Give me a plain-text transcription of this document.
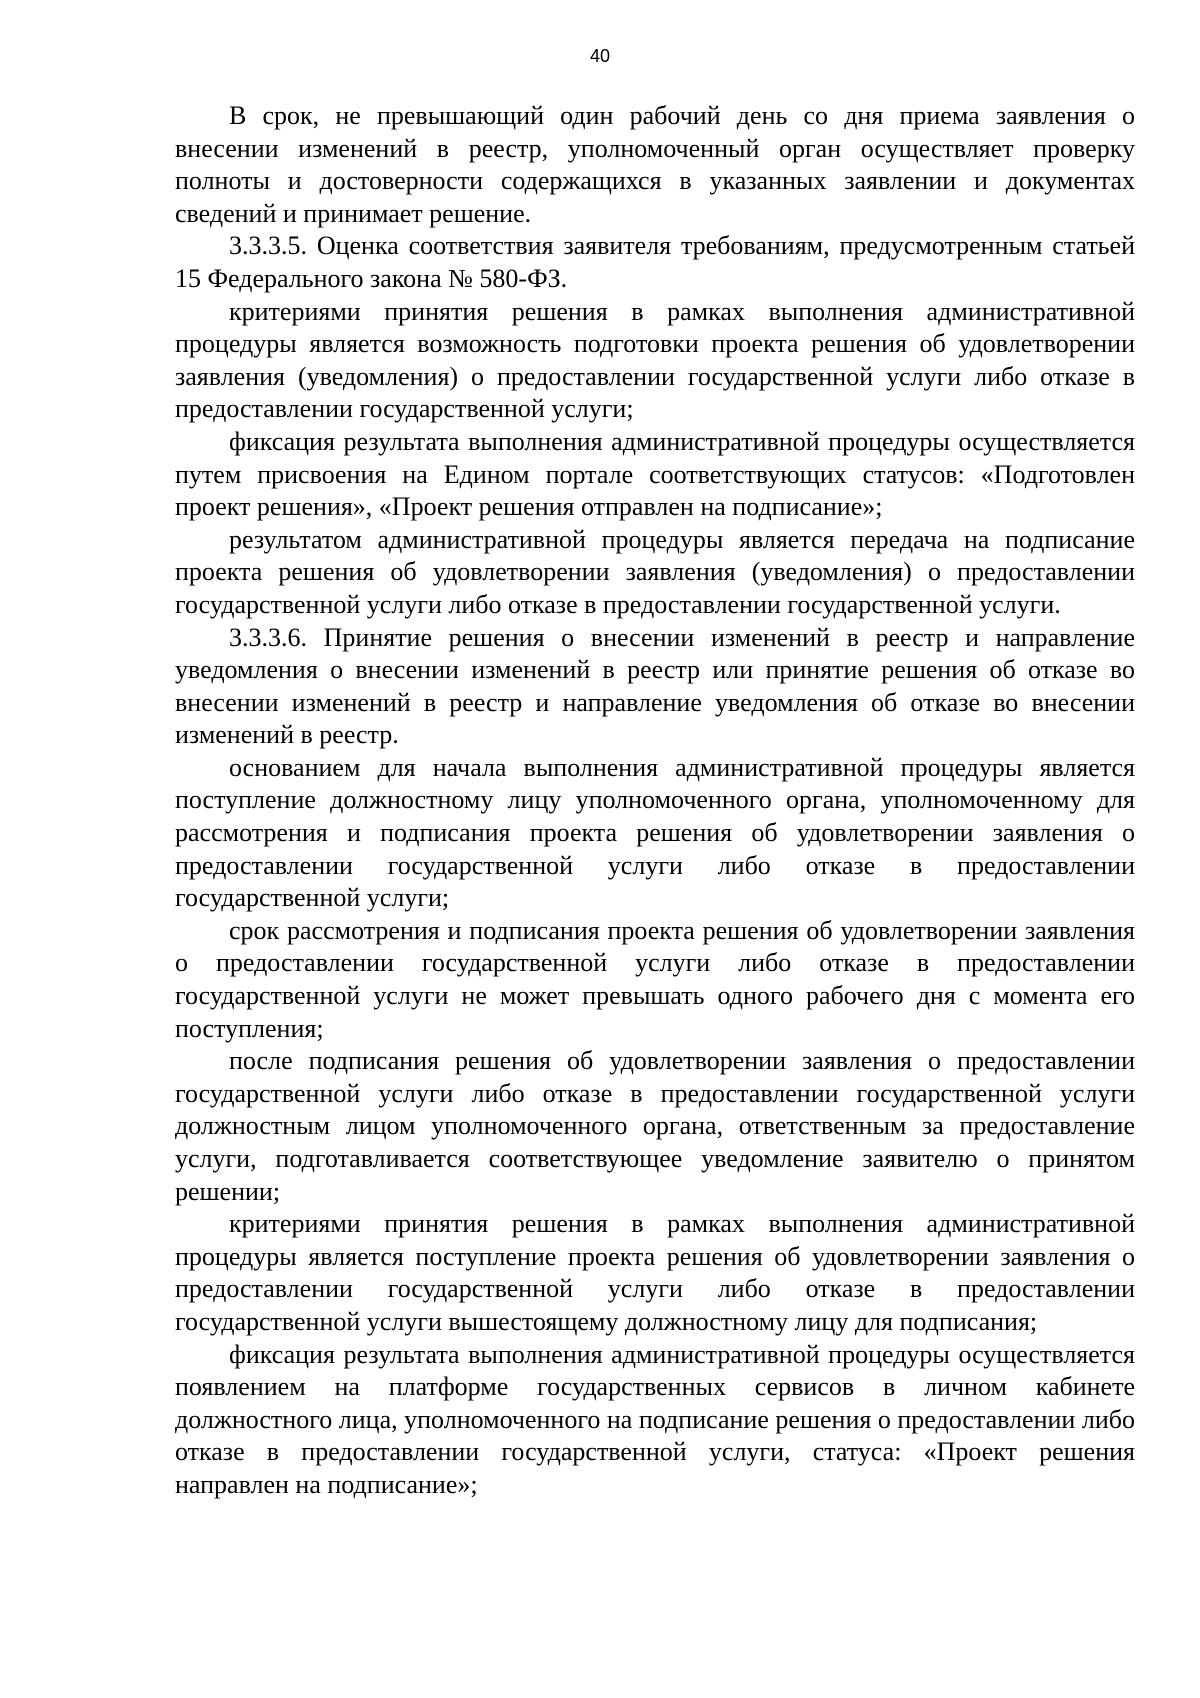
40

В срок, не превышающий один рабочий день со дня приема заявления о внесении изменений в реестр, уполномоченный орган осуществляет проверку полноты и достоверности содержащихся в указанных заявлении и документах сведений и принимает решение.

3.3.3.5. Оценка соответствия заявителя требованиям, предусмотренным статьей 15 Федерального закона № 580-ФЗ.

критериями принятия решения в рамках выполнения административной процедуры является возможность подготовки проекта решения об удовлетворении заявления (уведомления) о предоставлении государственной услуги либо отказе в предоставлении государственной услуги;

фиксация результата выполнения административной процедуры осуществляется путем присвоения на Едином портале соответствующих статусов: «Подготовлен проект решения», «Проект решения отправлен на подписание»;

результатом административной процедуры является передача на подписание проекта решения об удовлетворении заявления (уведомления) о предоставлении государственной услуги либо отказе в предоставлении государственной услуги.

3.3.3.6. Принятие решения о внесении изменений в реестр и направление уведомления о внесении изменений в реестр или принятие решения об отказе во внесении изменений в реестр и направление уведомления об отказе во внесении изменений в реестр.

основанием для начала выполнения административной процедуры является поступление должностному лицу уполномоченного органа, уполномоченному для рассмотрения и подписания проекта решения об удовлетворении заявления о предоставлении государственной услуги либо отказе в предоставлении государственной услуги;

срок рассмотрения и подписания проекта решения об удовлетворении заявления о предоставлении государственной услуги либо отказе в предоставлении государственной услуги не может превышать одного рабочего дня с момента его поступления;

после подписания решения об удовлетворении заявления о предоставлении государственной услуги либо отказе в предоставлении государственной услуги должностным лицом уполномоченного органа, ответственным за предоставление услуги, подготавливается соответствующее уведомление заявителю о принятом решении;

критериями принятия решения в рамках выполнения административной процедуры является поступление проекта решения об удовлетворении заявления о предоставлении государственной услуги либо отказе в предоставлении государственной услуги вышестоящему должностному лицу для подписания;

фиксация результата выполнения административной процедуры осуществляется появлением на платформе государственных сервисов в личном кабинете должностного лица, уполномоченного на подписание решения о предоставлении либо отказе в предоставлении государственной услуги, статуса: «Проект решения направлен на подписание»;
